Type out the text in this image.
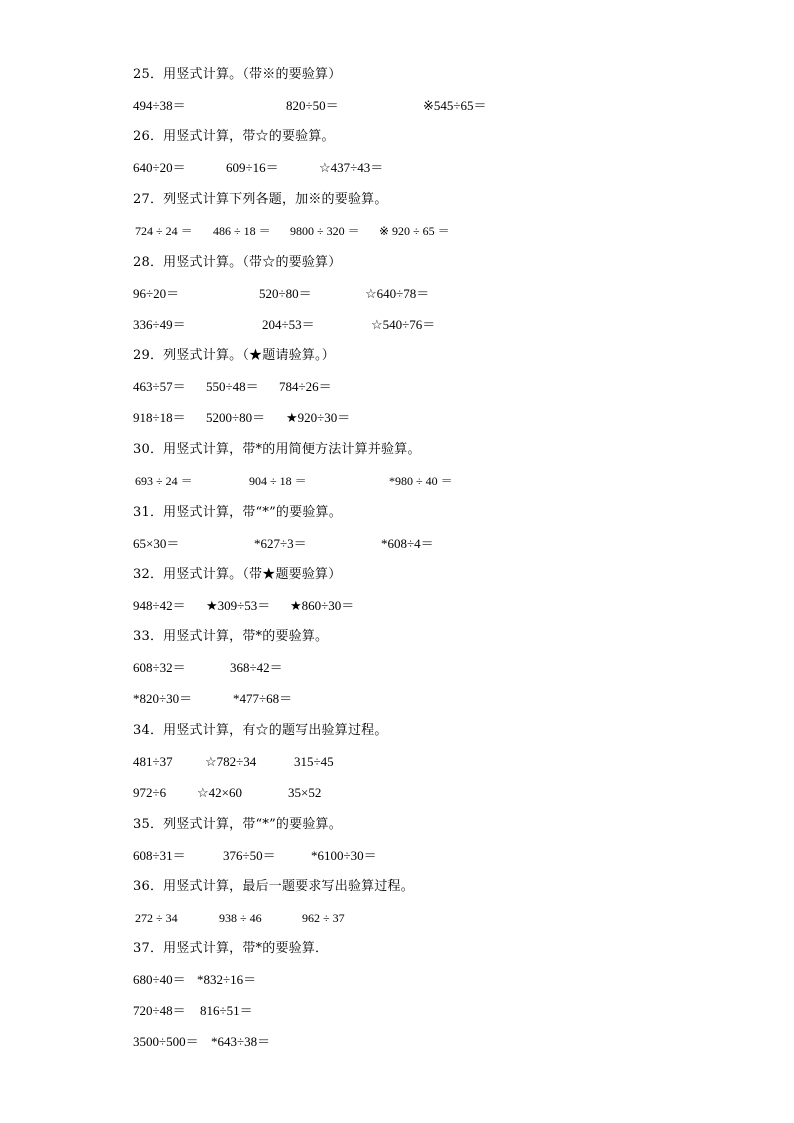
25．用竖式计算。（带※的要验算）
494÷38＝	820÷50＝	※545÷65＝
26．用竖式计算，带☆的要验算。
640÷20＝	609÷16＝	☆437÷43＝
27．列竖式计算下列各题，加※的要验算。
724 ÷ 24 ＝ 486 ÷ 18 ＝ 9800 ÷ 320 ＝ ※ 920 ÷ 65 ＝
28．用竖式计算。（带☆的要验算）
96÷20＝	520÷80＝	☆640÷78＝
336÷49＝	204÷53＝	☆540÷76＝
29．列竖式计算。（★题请验算。）
463÷57＝ 550÷48＝ 784÷26＝
918÷18＝ 5200÷80＝ ★920÷30＝
30．用竖式计算，带*的用简便方法计算并验算。
693 ÷ 24 ＝	904 ÷ 18 ＝	*980 ÷ 40 ＝
31．用竖式计算，带“*”的要验算。
65×30＝	*627÷3＝	*608÷4＝
32．用竖式计算。（带★题要验算）
948÷42＝ ★309÷53＝ ★860÷30＝
33．用竖式计算，带*的要验算。
608÷32＝	368÷42＝
*820÷30＝	*477÷68＝
34．用竖式计算，有☆的题写出验算过程。
481÷37 ☆782÷34	315÷45
972÷6 ☆42×60	35×52
35．列竖式计算，带“*”的要验算。
608÷31＝	376÷50＝	*6100÷30＝
36．用竖式计算，最后一题要求写出验算过程。
272 ÷ 34	938 ÷ 46	962 ÷ 37
37．用竖式计算，带*的要验算．
680÷40＝ *832÷16＝
720÷48＝ 816÷51＝
3500÷500＝ *643÷38＝
